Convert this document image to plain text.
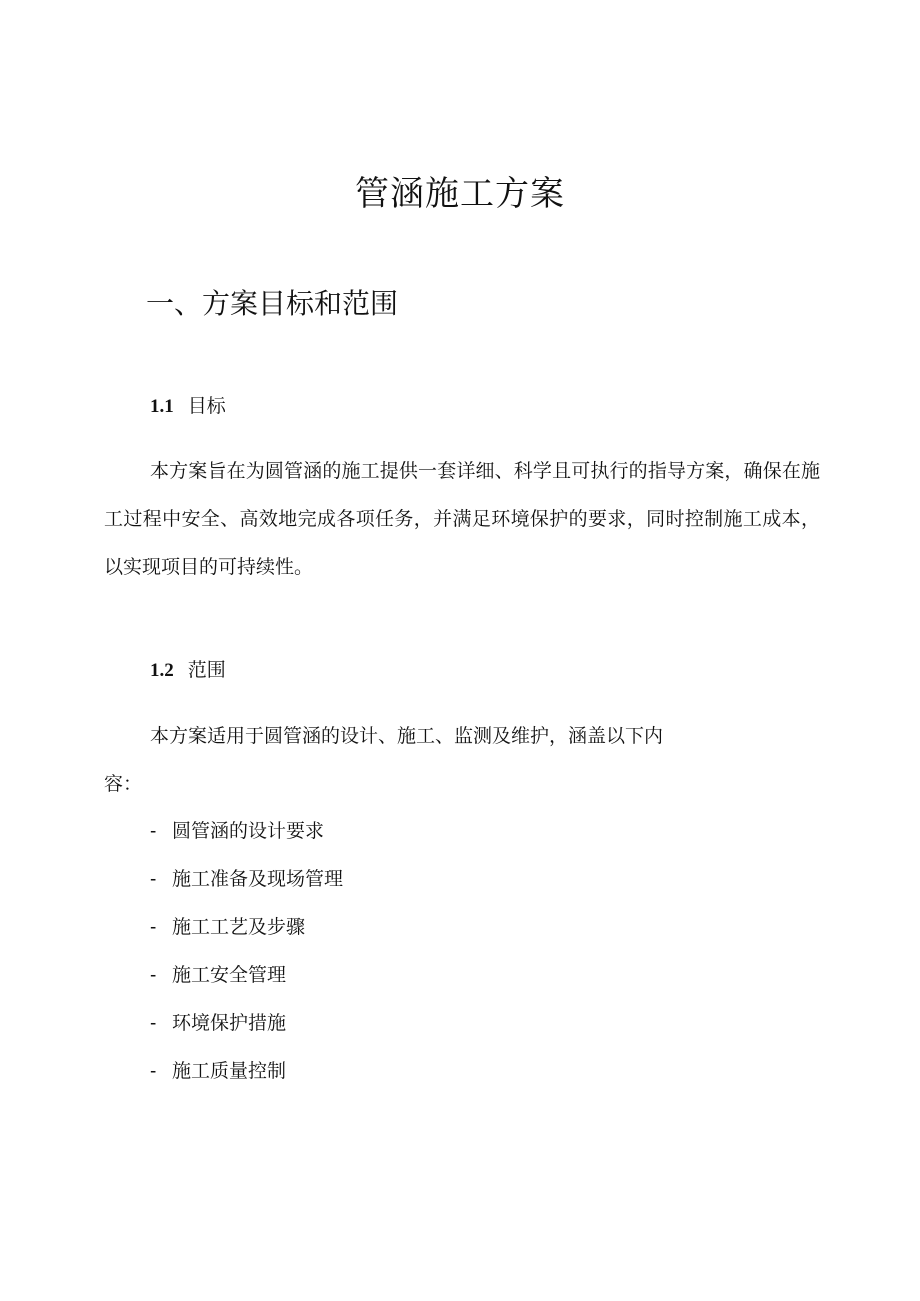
管涵施工方案
一、方案目标和范围
1.1 目标
本方案旨在为圆管涵的施工提供一套详细、科学且可执行的指导方案，确保在施工过程中安全、高效地完成各项任务，并满足环境保护的要求，同时控制施工成本，以实现项目的可持续性。
1.2 范围
本方案适用于圆管涵的设计、施工、监测及维护，涵盖以下内
容：
- 圆管涵的设计要求
- 施工准备及现场管理
- 施工工艺及步骤
- 施工安全管理
- 环境保护措施
- 施工质量控制
